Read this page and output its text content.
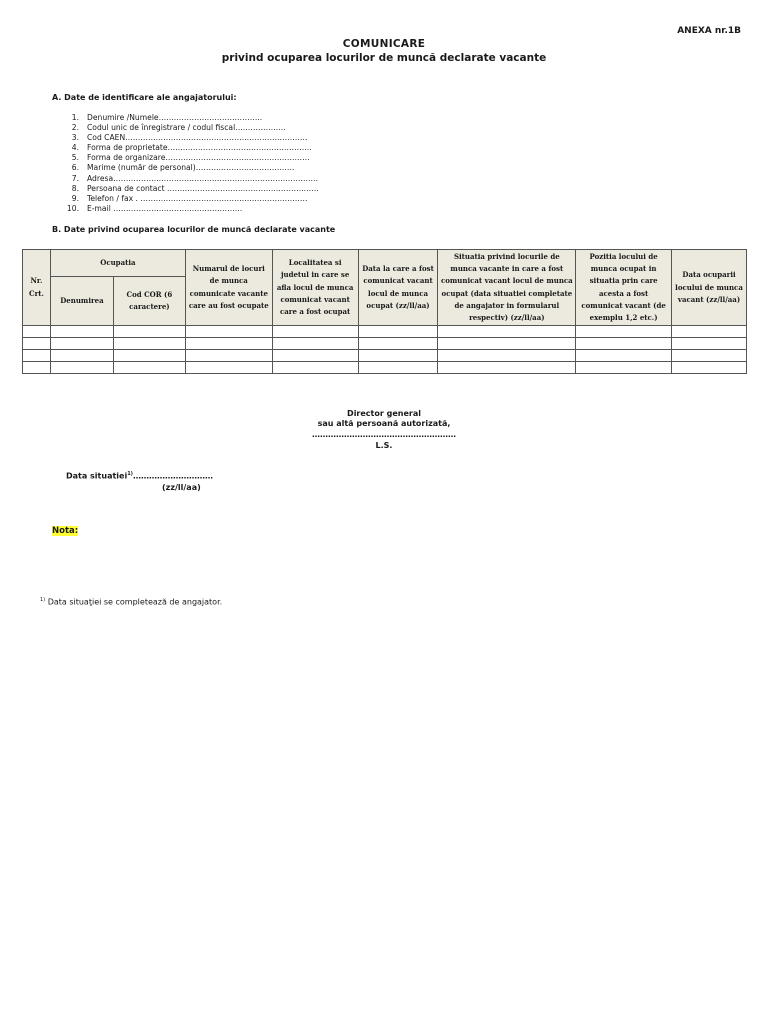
ANEXA nr.1B
COMUNICARE
privind ocuparea locurilor de muncă declarate vacante
A. Date de identificare ale angajatorului:
1. Denumire /Numele…………………………………..
2. Codul unic de înregistrare / codul fiscal………………..
3. Cod CAEN………………………………………………………………
4. Forma de proprietate…………………………………………………
5. Forma de organizare…………………………………………………
6. Marime (număr de personal)…………………………………
7. Adresa………………………………………………………………………
8. Persoana de contact ……………………………………………………
9. Telefon / fax . …………………………………………………………
10. E-mail ……………………………………………
B. Date privind ocuparea locurilor de muncă declarate vacante
Nr. Crt.	Ocupatia		Numarul de locuri de munca comunicate vacante care au fost ocupate	Localitatea si judetul in care se afla locul de munca comunicat vacant care a fost ocupat	Data la care a fost comunicat vacant locul de munca ocupat (zz/ll/aa)	Situatia privind locurile de munca vacante in care a fost comunicat vacant locul de munca ocupat (data situatiei completate de angajator in formularul respectiv) (zz/ll/aa)	Pozitia locului de munca ocupat in situatia prin care acesta a fost comunicat vacant (de exemplu 1,2 etc.)	Data ocuparii locului de munca vacant (zz/ll/aa)
	Denumirea	Cod COR (6 caractere)						

Director general
sau altă persoană autorizată,
………………………………………………
L.S.
Data situatiei$^{1)}$…………………………
(zz/ll/aa)
Nota:
$^{1)}$ Data situaţiei se completează de angajator.
